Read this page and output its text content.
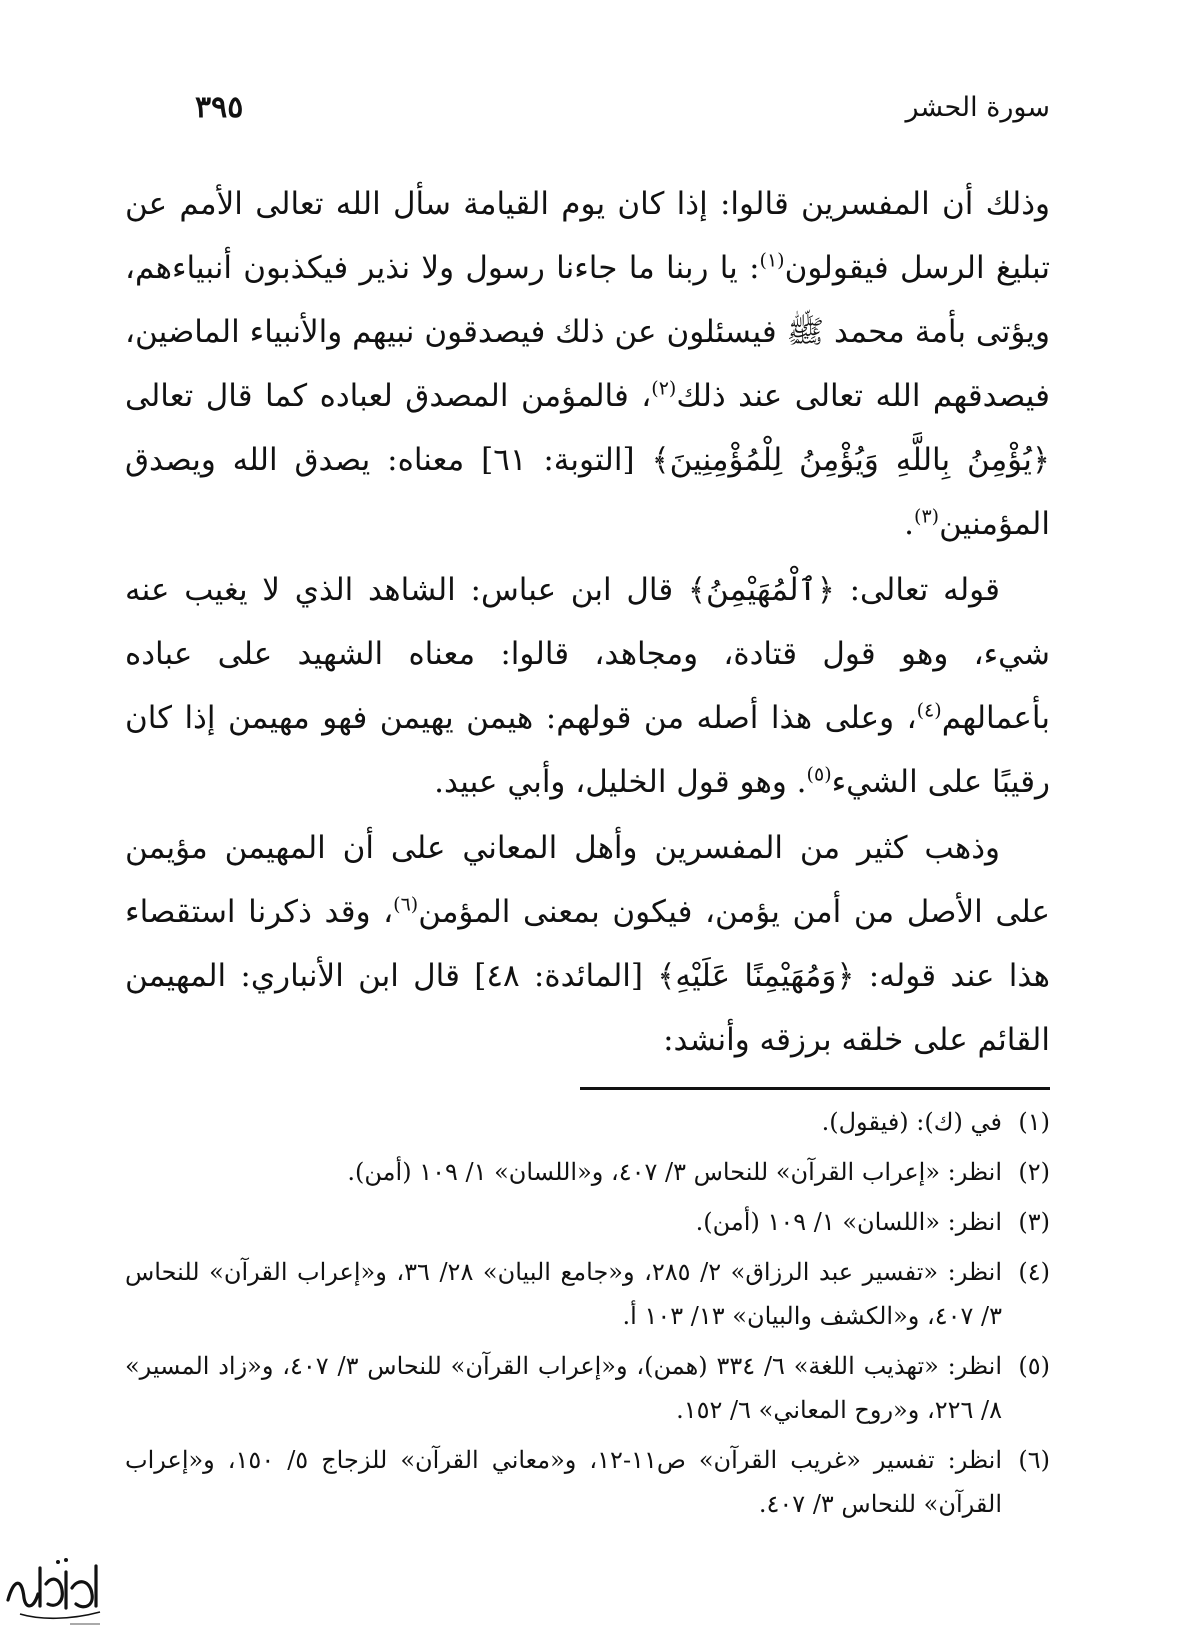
سورة الحشر
٣٩٥

وذلك أن المفسرين قالوا: إذا كان يوم القيامة سأل الله تعالى الأمم عن تبليغ الرسل فيقولون$^{(١)}$: يا ربنا ما جاءنا رسول ولا نذير فيكذبون أنبياءهم، ويؤتى بأمة محمد ﷺ فيسئلون عن ذلك فيصدقون نبيهم والأنبياء الماضين، فيصدقهم الله تعالى عند ذلك$^{(٢)}$، فالمؤمن المصدق لعباده كما قال تعالى ﴿يُؤْمِنُ بِاللَّهِ وَيُؤْمِنُ لِلْمُؤْمِنِينَ﴾ [التوبة: ٦١] معناه: يصدق الله ويصدق المؤمنين$^{(٣)}$.

قوله تعالى: ﴿ٱلْمُهَيْمِنُ﴾ قال ابن عباس: الشاهد الذي لا يغيب عنه شيء، وهو قول قتادة، ومجاهد، قالوا: معناه الشهيد على عباده بأعمالهم$^{(٤)}$، وعلى هذا أصله من قولهم: هيمن يهيمن فهو مهيمن إذا كان رقيبًا على الشيء$^{(٥)}$. وهو قول الخليل، وأبي عبيد.

وذهب كثير من المفسرين وأهل المعاني على أن المهيمن مؤيمن على الأصل من أمن يؤمن، فيكون بمعنى المؤمن$^{(٦)}$، وقد ذكرنا استقصاء هذا عند قوله: ﴿وَمُهَيْمِنًا عَلَيْهِ﴾ [المائدة: ٤٨] قال ابن الأنباري: المهيمن القائم على خلقه برزقه وأنشد:

(١)
في (ك): (فيقول).
(٢)
انظر: «إعراب القرآن» للنحاس ٣/ ٤٠٧، و«اللسان» ١/ ١٠٩ (أمن).
(٣)
انظر: «اللسان» ١/ ١٠٩ (أمن).
(٤)
انظر: «تفسير عبد الرزاق» ٢/ ٢٨٥، و«جامع البيان» ٢٨/ ٣٦، و«إعراب القرآن» للنحاس ٣/ ٤٠٧، و«الكشف والبيان» ١٣/ ١٠٣ أ.
(٥)
انظر: «تهذيب اللغة» ٦/ ٣٣٤ (همن)، و«إعراب القرآن» للنحاس ٣/ ٤٠٧، و«زاد المسير» ٨/ ٢٢٦، و«روح المعاني» ٦/ ١٥٢.
(٦)
انظر: تفسير «غريب القرآن» ص١١-١٢، و«معاني القرآن» للزجاج ٥/ ١٥٠، و«إعراب القرآن» للنحاس ٣/ ٤٠٧.
